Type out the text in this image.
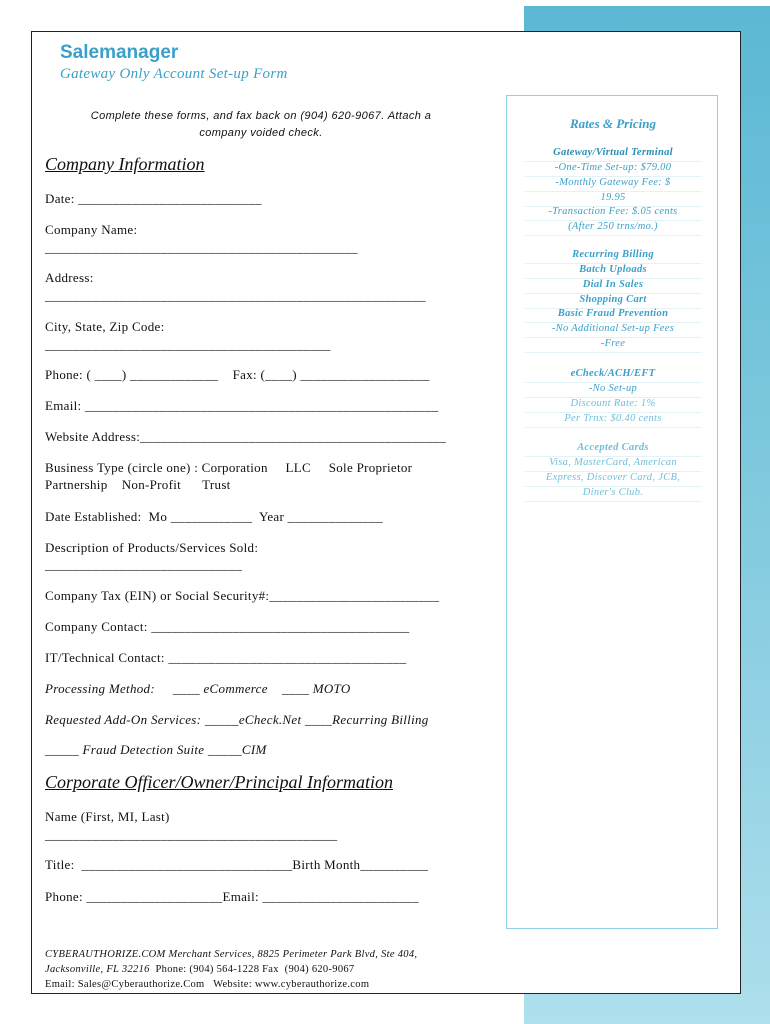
Salemanager
Gateway Only Account Set-up Form
Complete these forms, and fax back on (904) 620-9067. Attach a
company voided check.
Company Information
Date: ___________________________
Company Name:
______________________________________________
Address:
________________________________________________________
City, State, Zip Code:
__________________________________________
Phone: ( ____) _____________    Fax: (____) ___________________
Email: ____________________________________________________
Website Address:_____________________________________________
Business Type (circle one) : Corporation     LLC     Sole Proprietor
Partnership    Non-Profit      Trust
Date Established:  Mo ____________  Year ______________
Description of Products/Services Sold:
_____________________________
Company Tax (EIN) or Social Security#:_________________________
Company Contact: ______________________________________
IT/Technical Contact: ___________________________________
Processing Method:     ____ eCommerce    ____ MOTO
Requested Add-On Services: _____eCheck.Net ____Recurring Billing
_____ Fraud Detection Suite _____CIM
Corporate Officer/Owner/Principal Information
Name (First, MI, Last)
___________________________________________
Title:  _______________________________Birth Month__________
Phone: ____________________Email: _______________________
CYBERAUTHORIZE.COM Merchant Services, 8825 Perimeter Park Blvd, Ste 404,
Jacksonville, FL 32216  Phone: (904) 564-1228 Fax  (904) 620-9067
Email: Sales@Cyberauthorize.Com   Website: www.cyberauthorize.com
Rates & Pricing
Gateway/Virtual Terminal
-One-Time Set-up: $79.00
-Monthly Gateway Fee: $
19.95
-Transaction Fee: $.05 cents
(After 250 trns/mo.)
Recurring Billing
Batch Uploads
Dial In Sales
Shopping Cart
Basic Fraud Prevention
-No Additional Set-up Fees
-Free
eCheck/ACH/EFT
-No Set-up
Discount Rate: 1%
Per Trnx: $0.40 cents
Accepted Cards
Visa, MasterCard, American
Express, Discover Card, JCB,
Diner's Club.
